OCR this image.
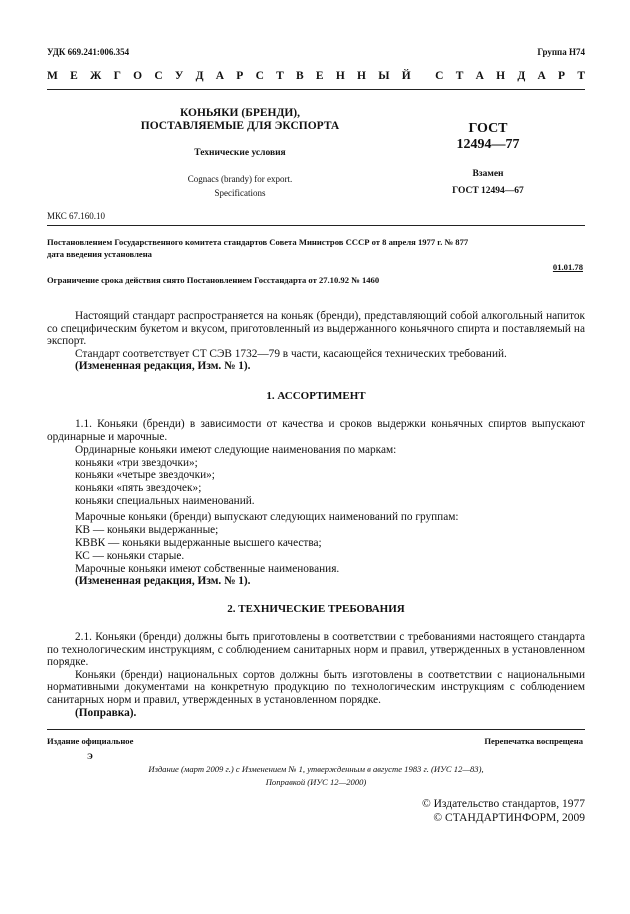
УДК 669.241:006.354	Группа Н74
М Е Ж Г О С У Д А Р С Т В Е Н Н Ы Й С Т А Н Д А Р Т
КОНЬЯКИ (БРЕНДИ),
ПОСТАВЛЯЕМЫЕ ДЛЯ ЭКСПОРТА
Технические условия
Cognacs (brandy) for export.
Specifications
ГОСТ
12494—77
Взамен
ГОСТ 12494—67
МКС 67.160.10
Постановлением Государственного комитета стандартов Совета Министров СССР от 8 апреля 1977 г. № 877
дата введения установлена
01.01.78
Ограничение срока действия снято Постановлением Госстандарта от 27.10.92 № 1460

Настоящий стандарт распространяется на коньяк (бренди), представляющий собой алкогольный напиток со специфическим букетом и вкусом, приготовленный из выдержанного коньячного спирта и поставляемый на экспорт.

Стандарт соответствует СТ СЭВ 1732—79 в части, касающейся технических требований.

(Измененная редакция, Изм. № 1).

1. АССОРТИМЕНТ

1.1. Коньяки (бренди) в зависимости от качества и сроков выдержки коньячных спиртов выпускают ординарные и марочные.

Ординарные коньяки имеют следующие наименования по маркам:
коньяки «три звездочки»;
коньяки «четыре звездочки»;
коньяки «пять звездочек»;
коньяки специальных наименований.
Марочные коньяки (бренди) выпускают следующих наименований по группам:
КВ — коньяки выдержанные;
КВВК — коньяки выдержанные высшего качества;
КС — коньяки старые.
Марочные коньяки имеют собственные наименования.
(Измененная редакция, Изм. № 1).
2. ТЕХНИЧЕСКИЕ ТРЕБОВАНИЯ

2.1. Коньяки (бренди) должны быть приготовлены в соответствии с требованиями настоящего стандарта по технологическим инструкциям, с соблюдением санитарных норм и правил, утвержденных в установленном порядке.

Коньяки (бренди) национальных сортов должны быть изготовлены в соответствии с национальными нормативными документами на конкретную продукцию по технологическим инструкциям с соблюдением санитарных норм и правил, утвержденных в установленном порядке.

(Поправка).

Издание официальное	Перепечатка воспрещена
Э
Издание (март 2009 г.) с Изменением № 1, утвержденным в августе 1983 г. (ИУС 12—83),
Поправкой (ИУС 12—2000)
© Издательство стандартов, 1977
© СТАНДАРТИНФОРМ, 2009
